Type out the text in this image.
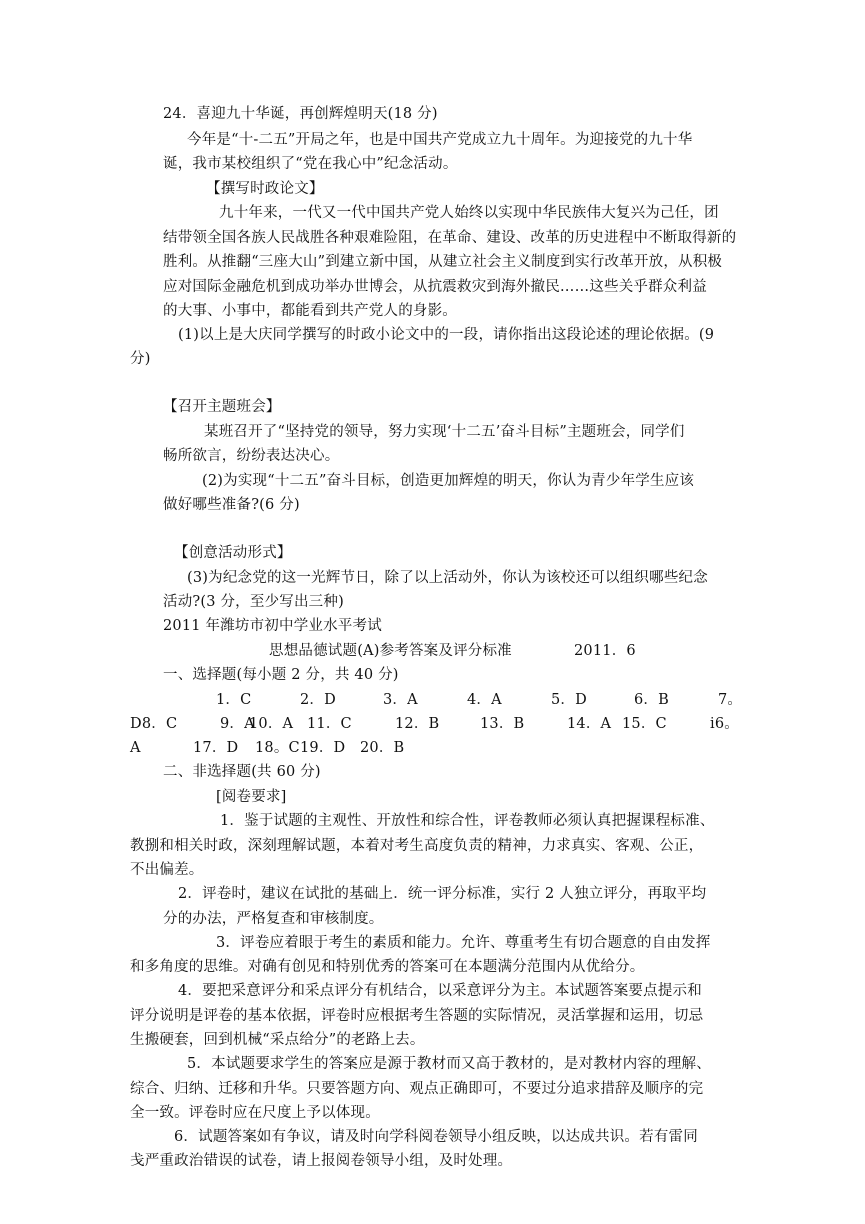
24．喜迎九十华诞，再创辉煌明天(18 分)
今年是“十-二五”开局之年，也是中国共产党成立九十周年。为迎接党的九十华
诞，我市某校组织了“党在我心中”纪念活动。
【撰写时政论文】
九十年来，一代又一代中国共产党人始终以实现中华民族伟大复兴为己任，团
结带领全国各族人民战胜各种艰难险阻，在革命、建设、改革的历史进程中不断取得新的
胜利。从推翻“三座大山”到建立新中国，从建立社会主义制度到实行改革开放，从积极
应对国际金融危机到成功举办世博会，从抗震救灾到海外撤民……这些关乎群众利益
的大事、小事中，都能看到共产党人的身影。
(1)以上是大庆同学撰写的时政小论文中的一段，请你指出这段论述的理论依据。(9
分)
【召开主题班会】
某班召开了“坚持党的领导，努力实现‘十二五’奋斗目标”主题班会，同学们
畅所欲言，纷纷表达决心。
(2)为实现“十二五”奋斗目标，创造更加辉煌的明天，你认为青少年学生应该
做好哪些准备?(6 分)
【创意活动形式】
(3)为纪念党的这一光辉节日，除了以上活动外，你认为该校还可以组织哪些纪念
活动?(3 分，至少写出三种)
2011 年潍坊市初中学业水平考试
思想品德试题(A)参考答案及评分标准	2011．6
一、选择题(每小题 2 分，共 40 分)
1．C	2．D	3．A	4．A	5．D	6．B	7。
D8．C	9．A
10．A 11．C	12．B	13．B	14．A 15．C	i6。
A	17．D 18。C 19．D 20．B
二、非选择题(共 60 分)
[阅卷要求]
1．鉴于试题的主观性、开放性和综合性，评卷教师必须认真把握课程标准、
教捌和相关时政，深刻理解试题，本着对考生高度负责的精神，力求真实、客观、公正，
不出偏差。
2．评卷时，建议在试批的基础上．统一评分标准，实行 2 人独立评分，再取平均
分的办法，严格复查和审核制度。
3．评卷应着眼于考生的素质和能力。允许、尊重考生有切合题意的自由发挥
和多角度的思维。对确有创见和特别优秀的答案可在本题满分范围内从优给分。
4．要把采意评分和采点评分有机结合，以采意评分为主。本试题答案要点提示和
评分说明是评卷的基本依据，评卷时应根据考生答题的实际情况，灵活掌握和运用，切忌
生搬硬套，回到机械“采点给分”的老路上去。
5．本试题要求学生的答案应是源于教材而又高于教材的，是对教材内容的理解、
综合、归纳、迁移和升华。只要答题方向、观点正确即可，不要过分追求措辞及顺序的完
全一致。评卷时应在尺度上予以体现。
6．试题答案如有争议，请及时向学科阅卷领导小组反映，以达成共识。若有雷同
戋严重政治错误的试卷，请上报阅卷领导小组，及时处理。
